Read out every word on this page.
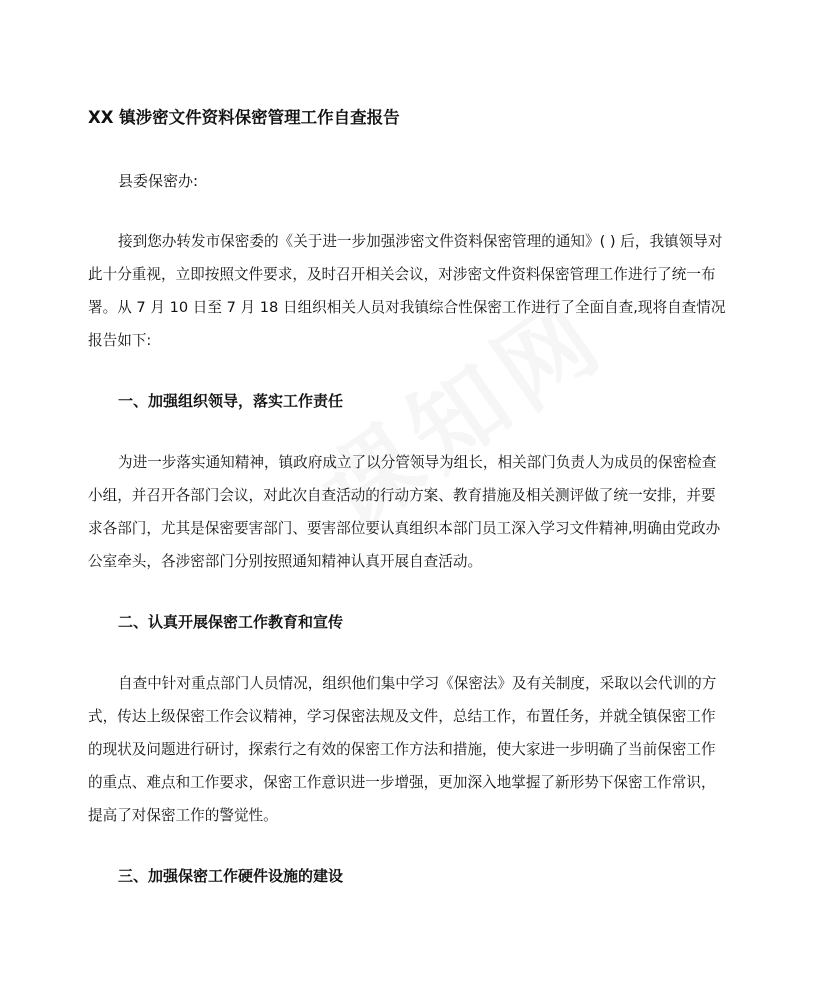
XX 镇涉密文件资料保密管理工作自查报告
县委保密办:

接到您办转发市保密委的《关于进一步加强涉密文件资料保密管理的通知》( ) 后，我镇领导对
此十分重视，立即按照文件要求，及时召开相关会议，对涉密文件资料保密管理工作进行了统一布
署。从 7 月 10 日至 7 月 18 日组织相关人员对我镇综合性保密工作进行了全面自查,现将自查情况
报告如下:

一、加强组织领导，落实工作责任

为进一步落实通知精神，镇政府成立了以分管领导为组长，相关部门负责人为成员的保密检查
小组，并召开各部门会议，对此次自查活动的行动方案、教育措施及相关测评做了统一安排，并要
求各部门，尤其是保密要害部门、要害部位要认真组织本部门员工深入学习文件精神,明确由党政办
公室牵头，各涉密部门分别按照通知精神认真开展自查活动。

二、认真开展保密工作教育和宣传

自查中针对重点部门人员情况，组织他们集中学习《保密法》及有关制度，采取以会代训的方
式，传达上级保密工作会议精神，学习保密法规及文件，总结工作，布置任务，并就全镇保密工作
的现状及问题进行研讨，探索行之有效的保密工作方法和措施，使大家进一步明确了当前保密工作
的重点、难点和工作要求，保密工作意识进一步增强，更加深入地掌握了新形势下保密工作常识，
提高了对保密工作的警觉性。

三、加强保密工作硬件设施的建设
